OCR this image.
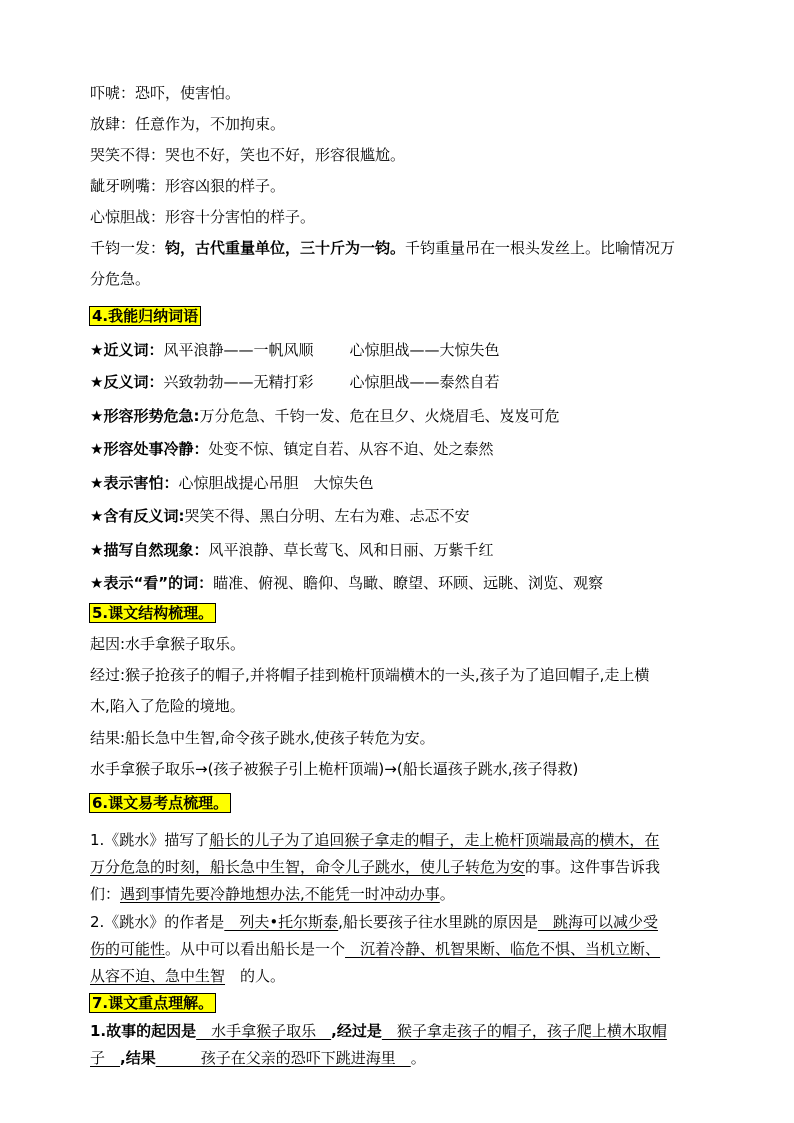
吓唬：恐吓，使害怕。
放肆：任意作为，不加拘束。
哭笑不得：哭也不好，笑也不好，形容很尴尬。
龇牙咧嘴：形容凶狠的样子。
心惊胆战：形容十分害怕的样子。
千钧一发：钧，古代重量单位，三十斤为一钧。千钧重量吊在一根头发丝上。比喻情况万
分危急。
4.我能归纳词语
★近义词：风平浪静——一帆风顺 心惊胆战——大惊失色
★反义词：兴致勃勃——无精打彩 心惊胆战——泰然自若
★形容形势危急:万分危急、千钧一发、危在旦夕、火烧眉毛、岌岌可危
★形容处事冷静：处变不惊、镇定自若、从容不迫、处之泰然
★表示害怕：心惊胆战提心吊胆　大惊失色
★含有反义词:哭笑不得、黑白分明、左右为难、忐忑不安
★描写自然现象：风平浪静、草长莺飞、风和日丽、万紫千红
★表示“看”的词：瞄准、俯视、瞻仰、鸟瞰、瞭望、环顾、远眺、浏览、观察
5.课文结构梳理。
起因:水手拿猴子取乐。
经过:猴子抢孩子的帽子,并将帽子挂到桅杆顶端横木的一头,孩子为了追回帽子,走上横
木,陷入了危险的境地。
结果:船长急中生智,命令孩子跳水,使孩子转危为安。
水手拿猴子取乐→(孩子被猴子引上桅杆顶端)→(船长逼孩子跳水,孩子得救)
6.课文易考点梳理。
1.《跳水》描写了船长的儿子为了追回猴子拿走的帽子，走上桅杆顶端最高的横木，在
万分危急的时刻，船长急中生智，命令儿子跳水，使儿子转危为安的事。这件事告诉我
们：遇到事情先要冷静地想办法,不能凭一时冲动办事。
2.《跳水》的作者是　列夫•托尔斯泰,船长要孩子往水里跳的原因是　跳海可以减少受
伤的可能性。从中可以看出船长是一个　沉着冷静、机智果断、临危不惧、当机立断、
从容不迫、急中生智　的人。
7.课文重点理解。
1.故事的起因是　水手拿猴子取乐　,经过是　猴子拿走孩子的帽子，孩子爬上横木取帽
子　,结果　　　孩子在父亲的恐吓下跳进海里　。
